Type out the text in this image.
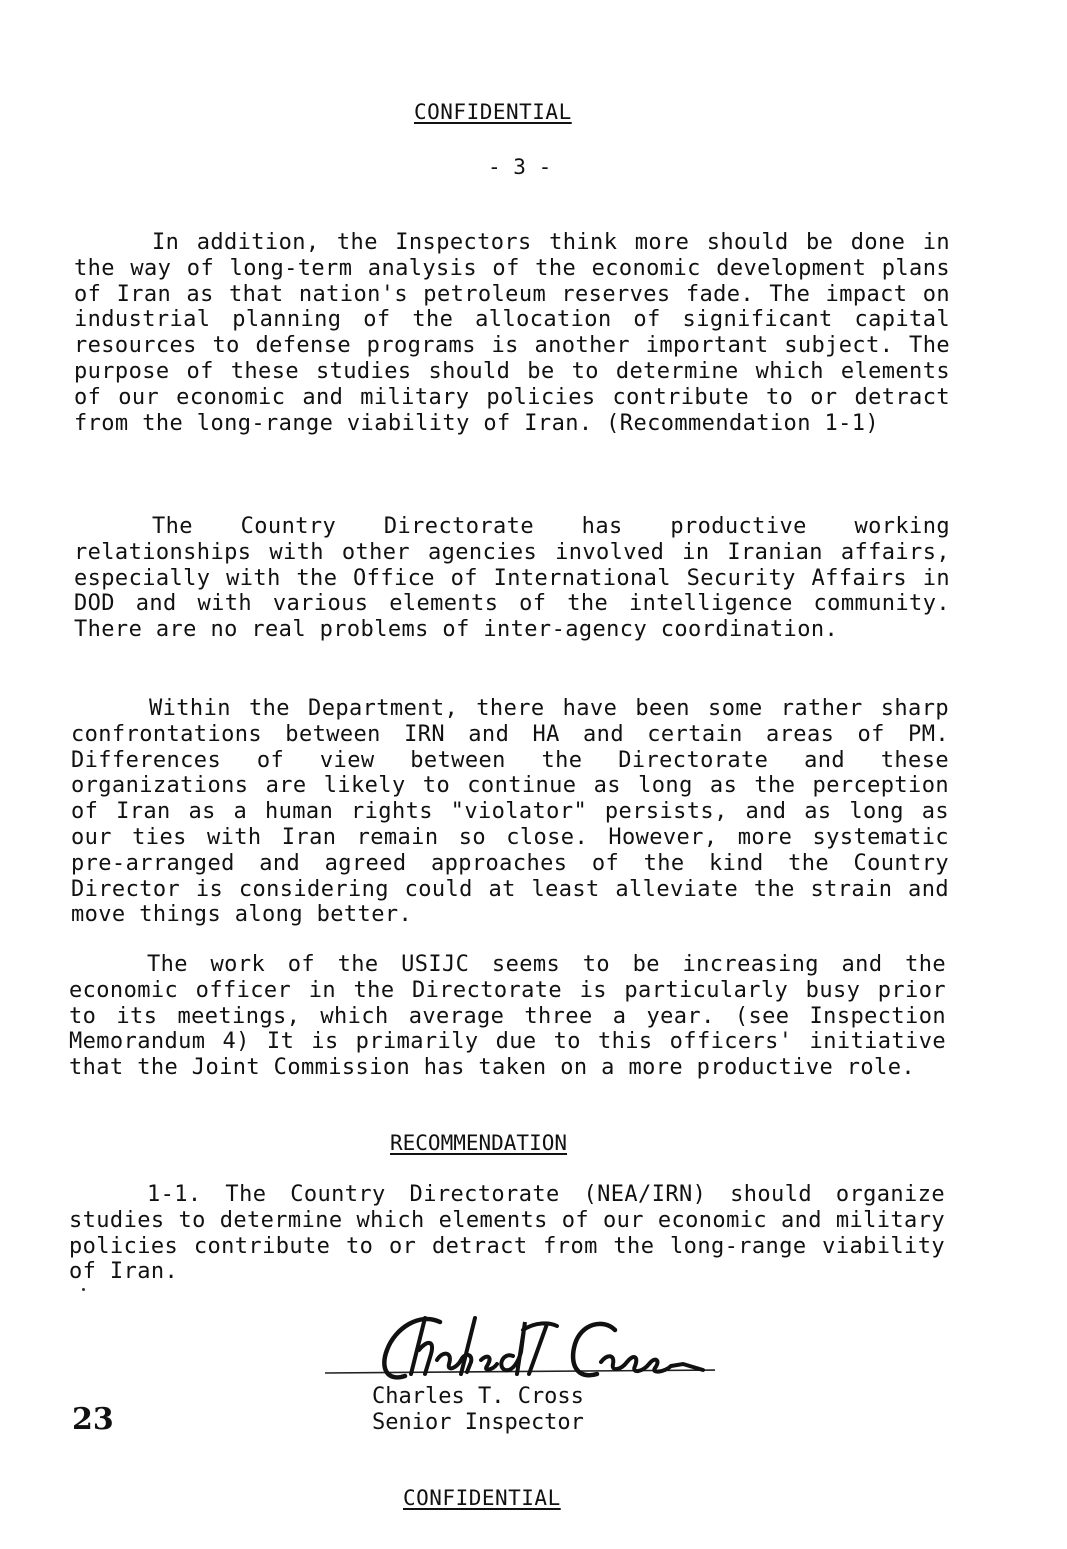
CONFIDENTIAL
- 3 -

In addition, the Inspectors think more should be done in the way of long-term analysis of the economic development plans of Iran as that nation's petroleum reserves fade. The impact on industrial planning of the allocation of significant capital resources to defense programs is another important subject. The purpose of these studies should be to determine which elements of our economic and military policies contribute to or detract from the long-range viability of Iran. (Recommendation 1-1)

The Country Directorate has productive working relationships with other agencies involved in Iranian affairs, especially with the Office of International Security Affairs in DOD and with various elements of the intelligence community. There are no real problems of inter-agency coordination.

Within the Department, there have been some rather sharp confrontations between IRN and HA and certain areas of PM. Differences of view between the Directorate and these organizations are likely to continue as long as the perception of Iran as a human rights "violator" persists, and as long as our ties with Iran remain so close. However, more systematic pre-arranged and agreed approaches of the kind the Country Director is considering could at least alleviate the strain and move things along better.

The work of the USIJC seems to be increasing and the economic officer in the Directorate is particularly busy prior to its meetings, which average three a year. (see Inspection Memorandum 4) It is primarily due to this officers' initiative that the Joint Commission has taken on a more productive role.

RECOMMENDATION

1-1. The Country Directorate (NEA/IRN) should organize studies to determine which elements of our economic and military policies contribute to or detract from the long-range viability of Iran.

Charles T. Cross
Senior Inspector
23
CONFIDENTIAL
